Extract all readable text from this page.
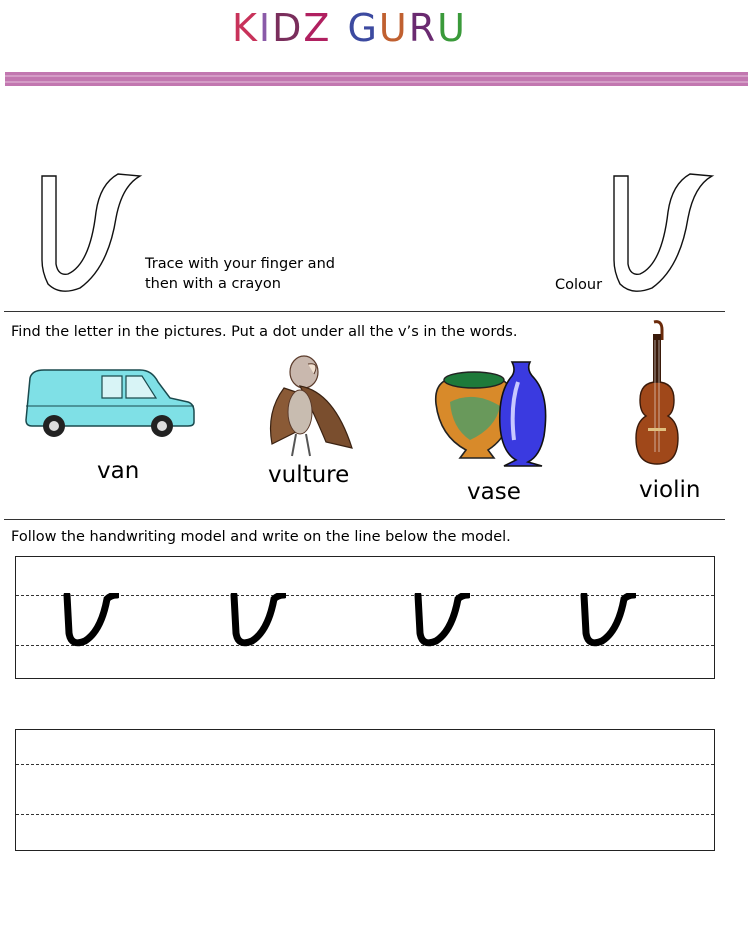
KIDZ GURU
Trace with your finger and
then with a crayon	Colour
Find the letter in the pictures. Put a dot under all the v’s in the words.
van	vulture
vase	violin
Follow the handwriting model and write on the line below the model.
